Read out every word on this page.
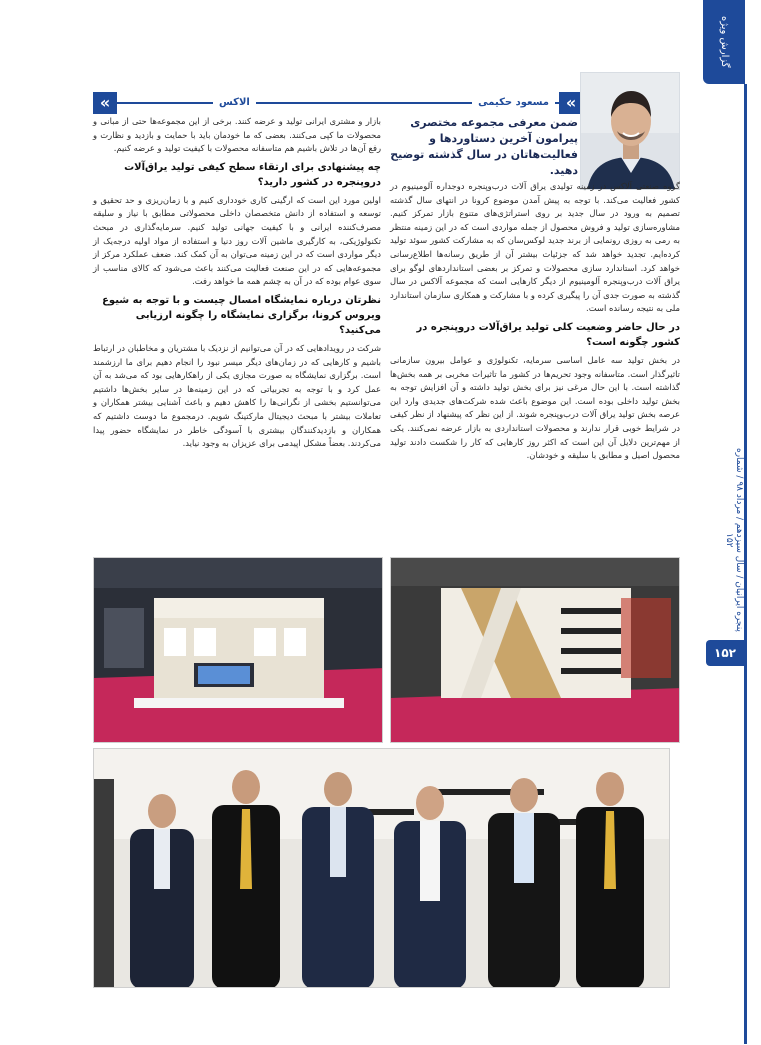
گزارش ویژه
پنجره ایرانیان / سال سیزدهم / مرداد ۹۸ / شماره ۱۵۲
۱۵۲
«	«
الاکس	مسعود حکیمی
ضمن معرفی مجموعه مختصری پیرامون آخرین دستاوردها و فعالیت‌هاتان در سال گذشته توضیح دهید.
گروه صنعتی آلاکس در زمینه تولیدی یراق آلات درب‌وپنجره دوجداره آلومینیوم در کشور فعالیت می‌کند. با توجه به پیش آمدن موضوع کرونا در انتهای سال گذشته تصمیم به ورود در سال جدید بر روی استراتژی‌های متنوع بازار تمرکز کنیم. مشاوره‌سازی تولید و فروش محصول از جمله مواردی است که در این زمینه منتظر به رمی به روزی رونمایی از برند جدید لوکس‌سان که به مشارکت کشور سوئد تولید کرده‌ایم. تجدید خواهد شد که جزئیات بیشتر آن از طریق رسانه‌ها اطلاع‌رسانی خواهد کرد. استاندارد سازی محصولات و تمرکز بر بعضی استانداردهای لوگو برای یراق آلات درب‌وپنجره آلومینیوم از دیگر کارهایی است که مجموعه آلاکس در سال گذشته به صورت جدی آن را پیگیری کرده و با مشارکت و همکاری سازمان استاندارد ملی به نتیجه رسانده است.
در حال حاضر وضعیت کلی تولید یراق‌آلات دروپنجره در کشور چگونه است؟
در بخش تولید سه عامل اساسی سرمایه، تکنولوژی و عوامل بیرون سازمانی تاثیرگذار است. متاسفانه وجود تحریم‌ها در کشور ما تاثیرات مخربی بر همه بخش‌ها گذاشته است. با این حال مرغی نیز برای بخش تولید داشته و آن افزایش توجه به بخش تولید داخلی بوده است. این موضوع باعث شده شرکت‌های جدیدی وارد این عرصه بخش تولید یراق آلات درب‌وپنجره شوند. از این نظر که پیشنهاد از نظر کیفی در شرایط خوبی قرار ندارند و محصولات استانداردی به بازار عرضه نمی‌کنند. یکی از مهم‌ترین دلایل آن این است که اکثر روز کارهایی که کار را شکست دادند تولید محصول اصیل و مطابق با سلیقه و خودشان.
بازار و مشتری ایرانی تولید و عرضه کنند. برخی از این مجموعه‌ها حتی از مبانی و محصولات ما کپی می‌کنند. بعضی که ما خودمان باید با حمایت و بازدید و نظارت و رفع آن‌ها در تلاش باشیم هم متاسفانه محصولات با کیفیت تولید و عرضه کنیم.
چه پیشنهادی برای ارتقاء سطح کیفی تولید یراق‌آلات دروپنجره در کشور دارید؟
اولین مورد این است که ارگینی کاری خودداری کنیم و با زمان‌ریزی و حد تحقیق و توسعه و استفاده از دانش متخصصان داخلی محصولاتی مطابق با نیاز و سلیقه مصرف‌کننده ایرانی و با کیفیت جهانی تولید کنیم. سرمایه‌گذاری در مبحث تکنولوژیکی، به کارگیری ماشین آلات روز دنیا و استفاده از مواد اولیه درجه‌یک از دیگر مواردی است که در این زمینه می‌توان به آن کمک کند. ضعف عملکرد مرکز از مجموعه‌هایی که در این صنعت فعالیت می‌کنند باعث می‌شود که کالای مناسب از سوی عوام بوده که در آن به چشم همه ما خواهد رفت.
نظرتان درباره نمایشگاه امسال چیست و با توجه به شیوع ویروس کرونا، برگزاری نمایشگاه را چگونه ارزیابی می‌کنید؟
شرکت در رویدادهایی که در آن می‌توانیم از نزدیک با مشتریان و مخاطبان در ارتباط باشیم و کارهایی که در زمان‌های دیگر میسر نبود را انجام دهیم برای ما ارزشمند است. برگزاری نمایشگاه به صورت مجازی یکی از راهکارهایی بود که می‌شد به آن عمل کرد و با توجه به تجربیاتی که در این زمینه‌ها در سایر بخش‌ها داشتیم می‌توانستیم بخشی از نگرانی‌ها را کاهش دهیم و باعث آشنایی بیشتر همکاران و تعاملات بیشتر با مبحث دیجیتال مارکتینگ شویم. درمجموع ما دوست داشتیم که همکاران و بازدیدکنندگان بیشتری با آسودگی خاطر در نمایشگاه حضور پیدا می‌کردند. بعضاً مشکل اپیدمی برای عزیزان به وجود نیاید.
